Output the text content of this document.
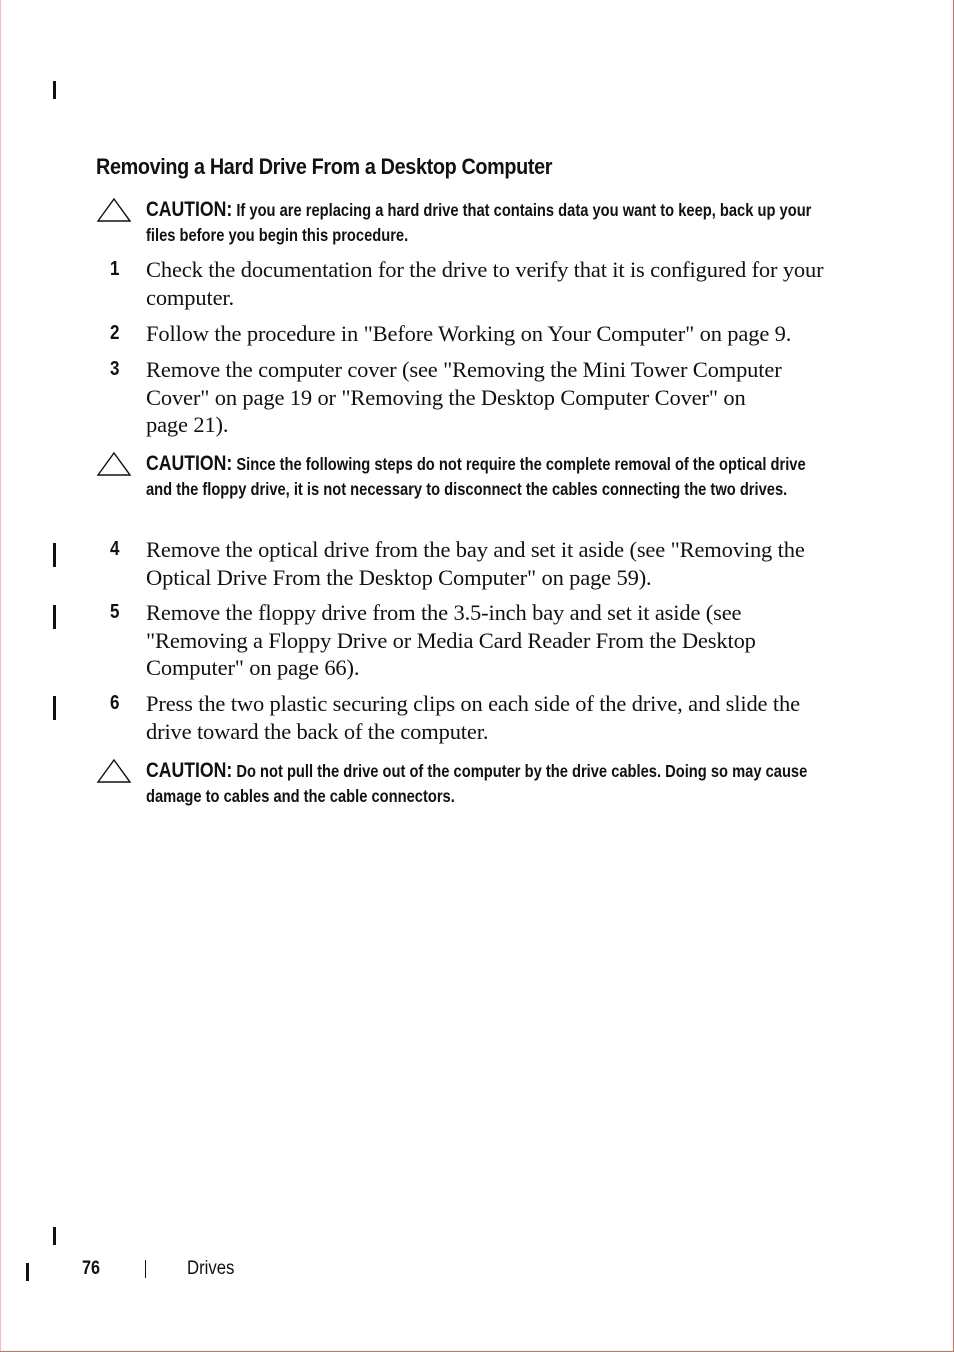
Removing a Hard Drive From a Desktop Computer
CAUTION: If you are replacing a hard drive that contains data you want to keep, back up your files before you begin this procedure.
1	Check the documentation for the drive to verify that it is configured for your computer.
2	Follow the procedure in "Before Working on Your Computer" on page 9.
3	Remove the computer cover (see "Removing the Mini Tower Computer Cover" on page 19 or "Removing the Desktop Computer Cover" on page 21).
CAUTION: Since the following steps do not require the complete removal of the optical drive and the floppy drive, it is not necessary to disconnect the cables connecting the two drives.
4	Remove the optical drive from the bay and set it aside (see "Removing the Optical Drive From the Desktop Computer" on page 59).
5	Remove the floppy drive from the 3.5-inch bay and set it aside (see "Removing a Floppy Drive or Media Card Reader From the Desktop Computer" on page 66).
6	Press the two plastic securing clips on each side of the drive, and slide the drive toward the back of the computer.
CAUTION: Do not pull the drive out of the computer by the drive cables. Doing so may cause damage to cables and the cable connectors.
76	Drives
